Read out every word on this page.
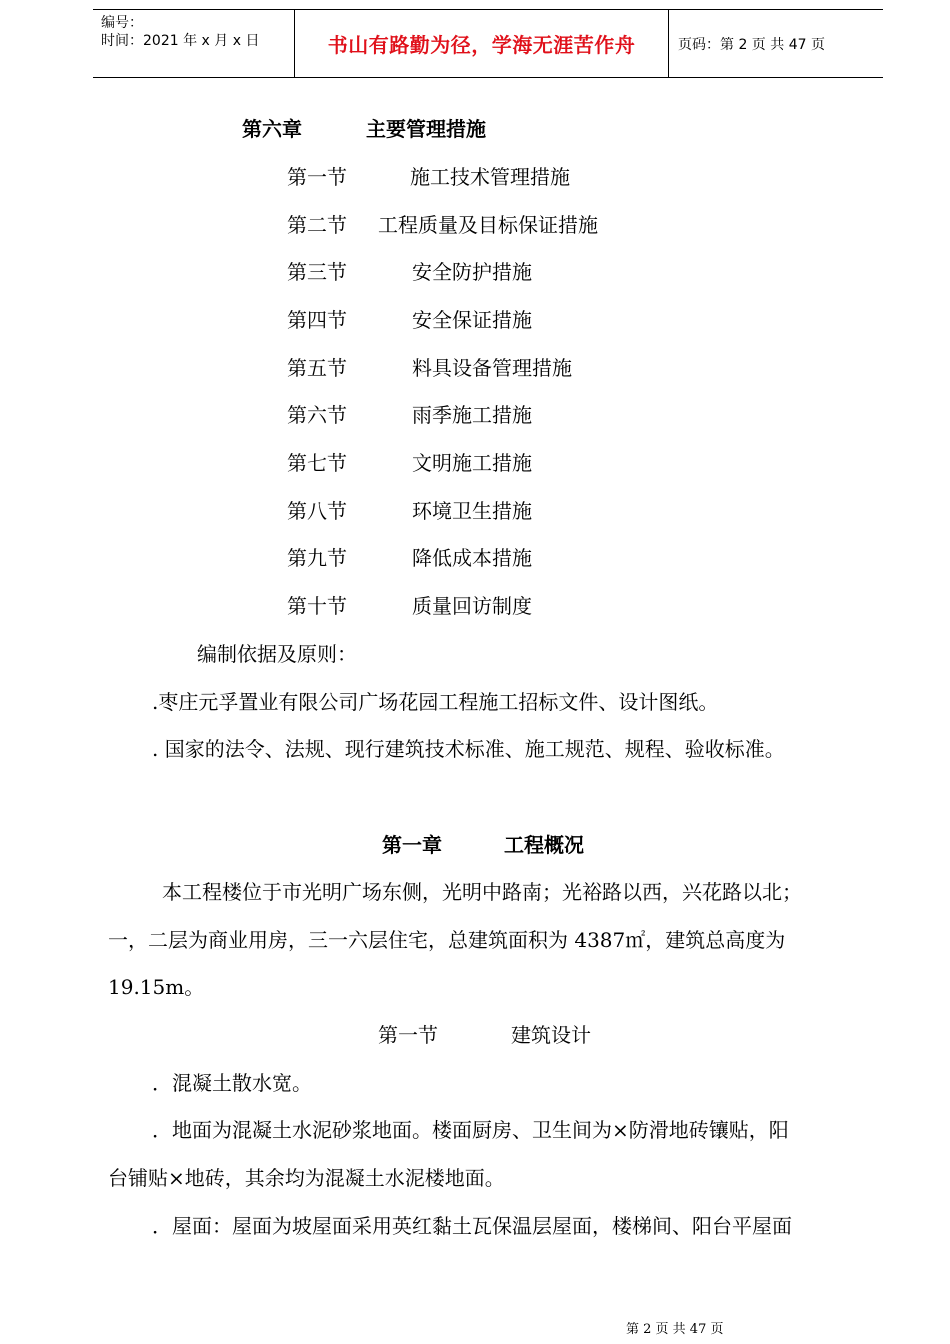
编号：
时间：2021 年 x 月 x 日	书山有路勤为径，学海无涯苦作舟	页码：第 2 页 共 47 页
第六章	主要管理措施
第一节	施工技术管理措施
第二节 工程质量及目标保证措施
第三节	安全防护措施
第四节	安全保证措施
第五节	料具设备管理措施
第六节	雨季施工措施
第七节	文明施工措施
第八节	环境卫生措施
第九节	降低成本措施
第十节	质量回访制度
编制依据及原则：
.枣庄元孚置业有限公司广场花园工程施工招标文件、设计图纸。
. 国家的法令、法规、现行建筑技术标准、施工规范、规程、验收标准。
第一章	工程概况
本工程楼位于市光明广场东侧，光明中路南；光裕路以西，兴花路以北；
一，二层为商业用房，三一六层住宅，总建筑面积为 4387㎡，建筑总高度为
19.15m。
第一节	建筑设计
．混凝土散水宽。
．地面为混凝土水泥砂浆地面。楼面厨房、卫生间为×防滑地砖镶贴，阳
台铺贴×地砖，其余均为混凝土水泥楼地面。
．屋面：屋面为坡屋面采用英红黏土瓦保温层屋面，楼梯间、阳台平屋面
第 2 页 共 47 页
